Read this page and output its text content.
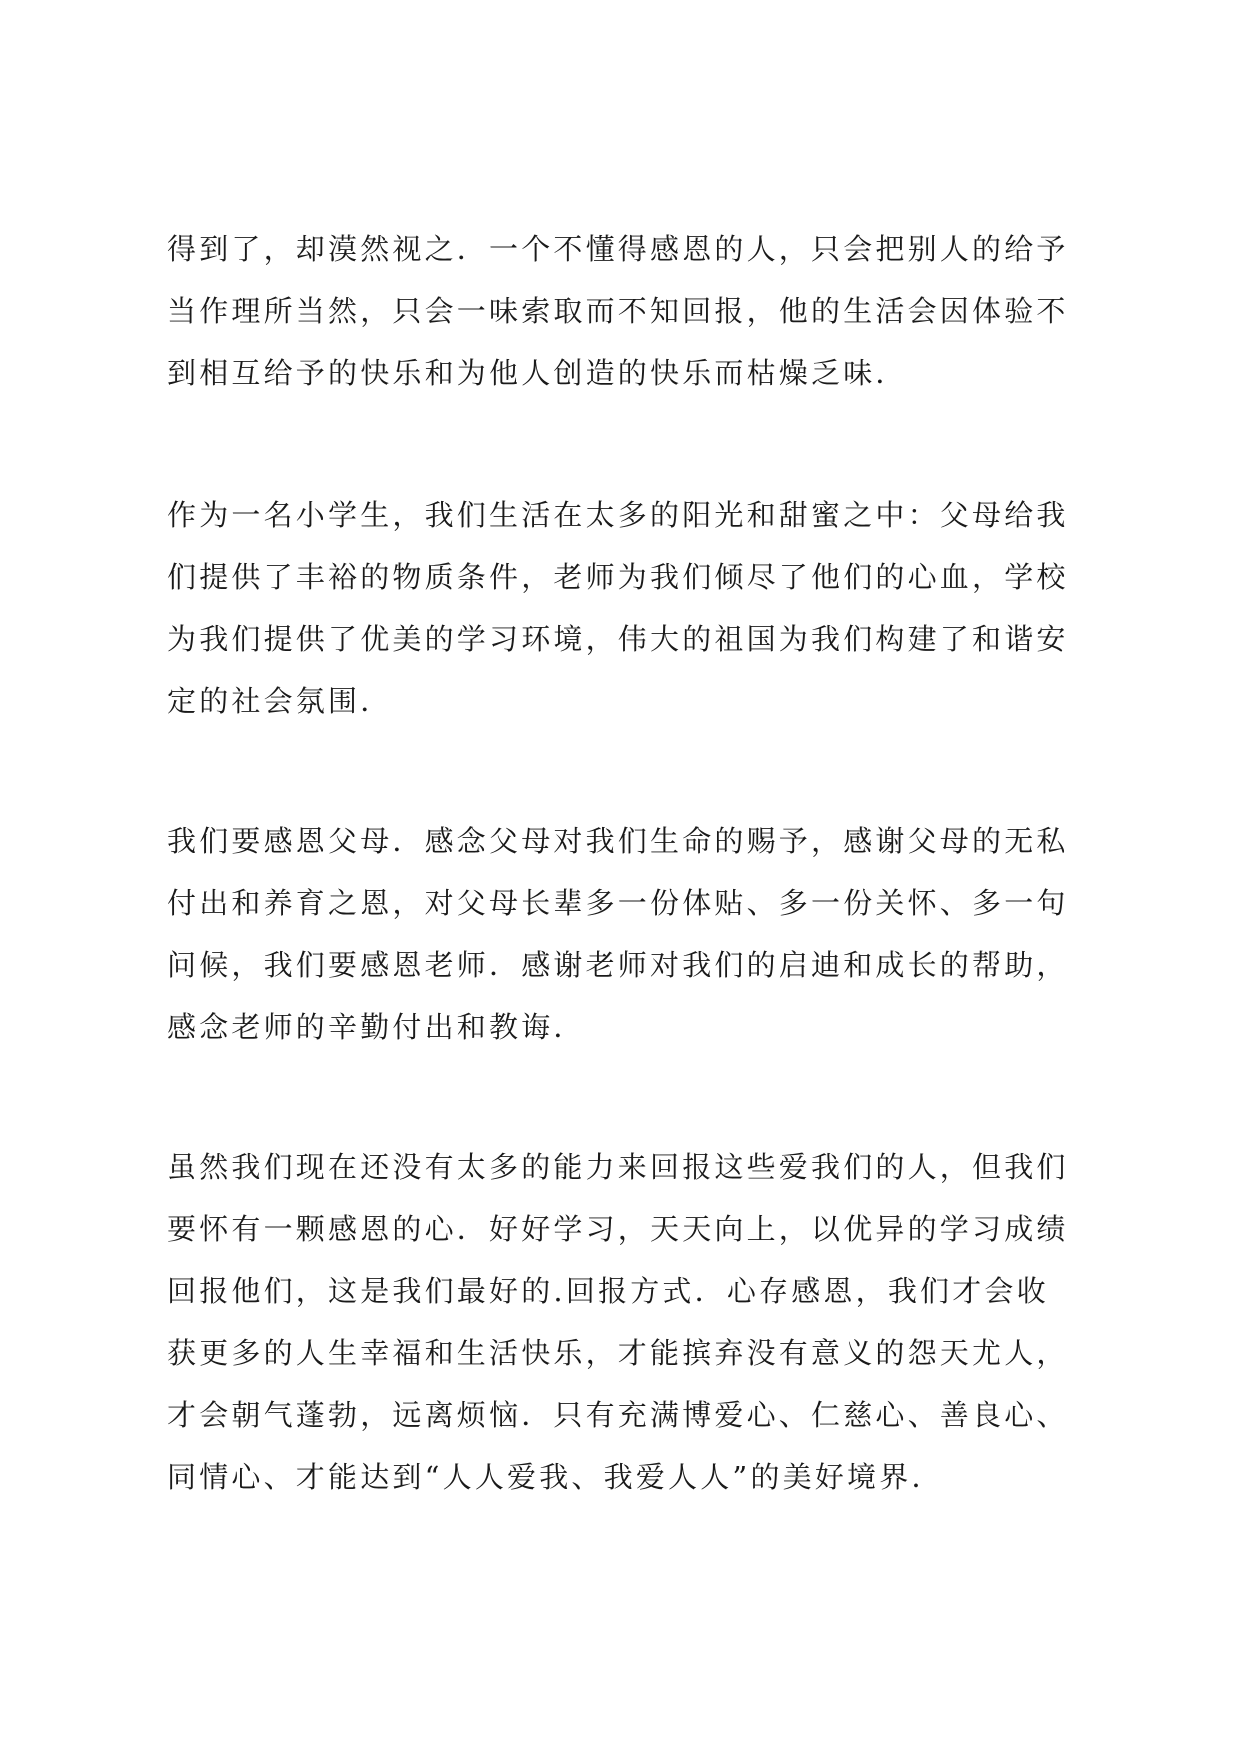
得到了，却漠然视之．一个不懂得感恩的人，只会把别人的给予
当作理所当然，只会一味索取而不知回报，他的生活会因体验不
到相互给予的快乐和为他人创造的快乐而枯燥乏味．

作为一名小学生，我们生活在太多的阳光和甜蜜之中：父母给我
们提供了丰裕的物质条件，老师为我们倾尽了他们的心血，学校
为我们提供了优美的学习环境，伟大的祖国为我们构建了和谐安
定的社会氛围．

我们要感恩父母．感念父母对我们生命的赐予，感谢父母的无私
付出和养育之恩，对父母长辈多一份体贴、多一份关怀、多一句
问候，我们要感恩老师．感谢老师对我们的启迪和成长的帮助，
感念老师的辛勤付出和教诲．

虽然我们现在还没有太多的能力来回报这些爱我们的人，但我们
要怀有一颗感恩的心．好好学习，天天向上，以优异的学习成绩
回报他们，这是我们最好的.回报方式．心存感恩，我们才会收
获更多的人生幸福和生活快乐，才能摈弃没有意义的怨天尤人，
才会朝气蓬勃，远离烦恼．只有充满博爱心、仁慈心、善良心、
同情心、才能达到“人人爱我、我爱人人”的美好境界．
